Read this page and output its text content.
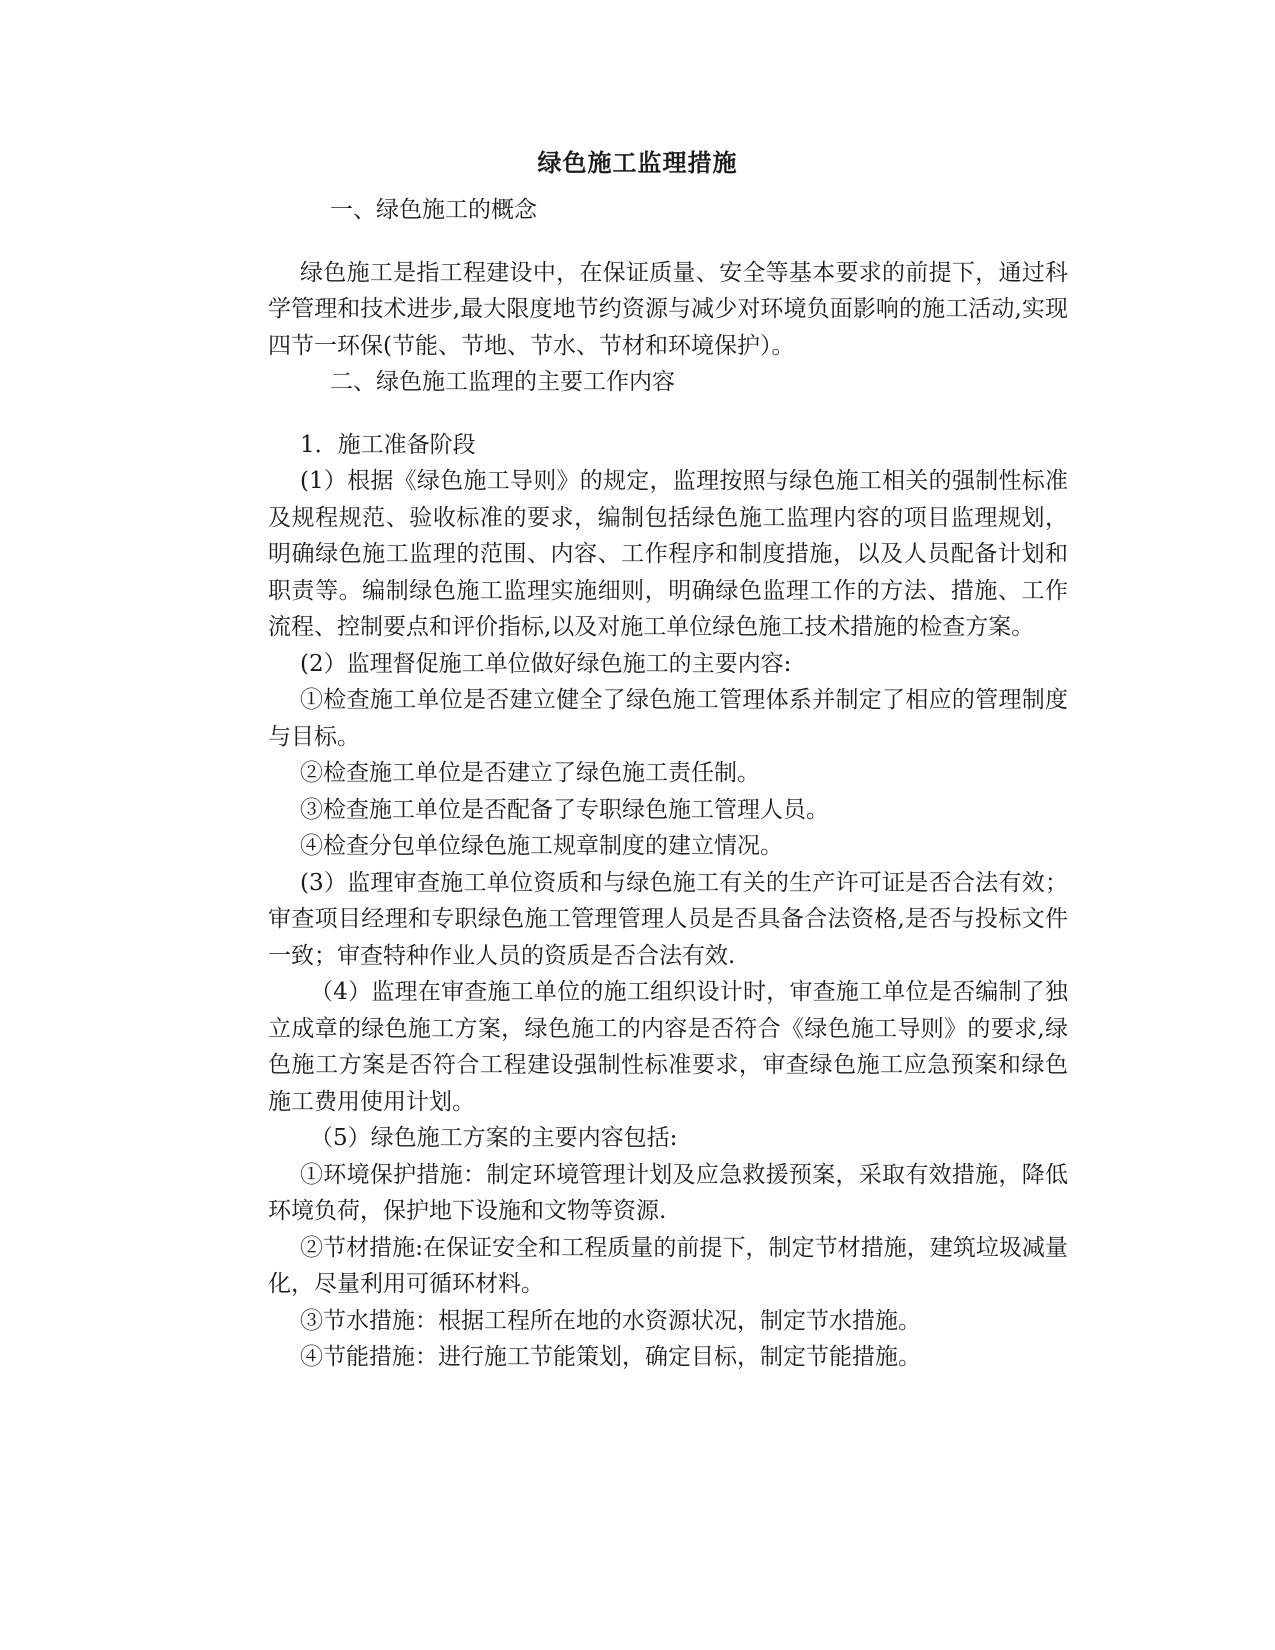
绿色施工监理措施

一、绿色施工的概念

绿色施工是指工程建设中，在保证质量、安全等基本要求的前提下，通过科学管理和技术进步,最大限度地节约资源与减少对环境负面影响的施工活动,实现四节一环保(节能、节地、节水、节材和环境保护）。

二、绿色施工监理的主要工作内容

1．施工准备阶段

(1）根据《绿色施工导则》的规定，监理按照与绿色施工相关的强制性标准及规程规范、验收标准的要求，编制包括绿色施工监理内容的项目监理规划，明确绿色施工监理的范围、内容、工作程序和制度措施，以及人员配备计划和职责等。编制绿色施工监理实施细则，明确绿色监理工作的方法、措施、工作流程、控制要点和评价指标,以及对施工单位绿色施工技术措施的检查方案。

(2）监理督促施工单位做好绿色施工的主要内容:

①检查施工单位是否建立健全了绿色施工管理体系并制定了相应的管理制度与目标。

②检查施工单位是否建立了绿色施工责任制。

③检查施工单位是否配备了专职绿色施工管理人员。

④检查分包单位绿色施工规章制度的建立情况。

(3）监理审查施工单位资质和与绿色施工有关的生产许可证是否合法有效；审查项目经理和专职绿色施工管理管理人员是否具备合法资格,是否与投标文件一致；审查特种作业人员的资质是否合法有效.

（4）监理在审查施工单位的施工组织设计时，审查施工单位是否编制了独立成章的绿色施工方案，绿色施工的内容是否符合《绿色施工导则》的要求,绿色施工方案是否符合工程建设强制性标准要求，审查绿色施工应急预案和绿色施工费用使用计划。

（5）绿色施工方案的主要内容包括:

①环境保护措施：制定环境管理计划及应急救援预案，采取有效措施，降低环境负荷，保护地下设施和文物等资源.

②节材措施:在保证安全和工程质量的前提下，制定节材措施，建筑垃圾减量化，尽量利用可循环材料。

③节水措施：根据工程所在地的水资源状况，制定节水措施。

④节能措施：进行施工节能策划，确定目标，制定节能措施。
